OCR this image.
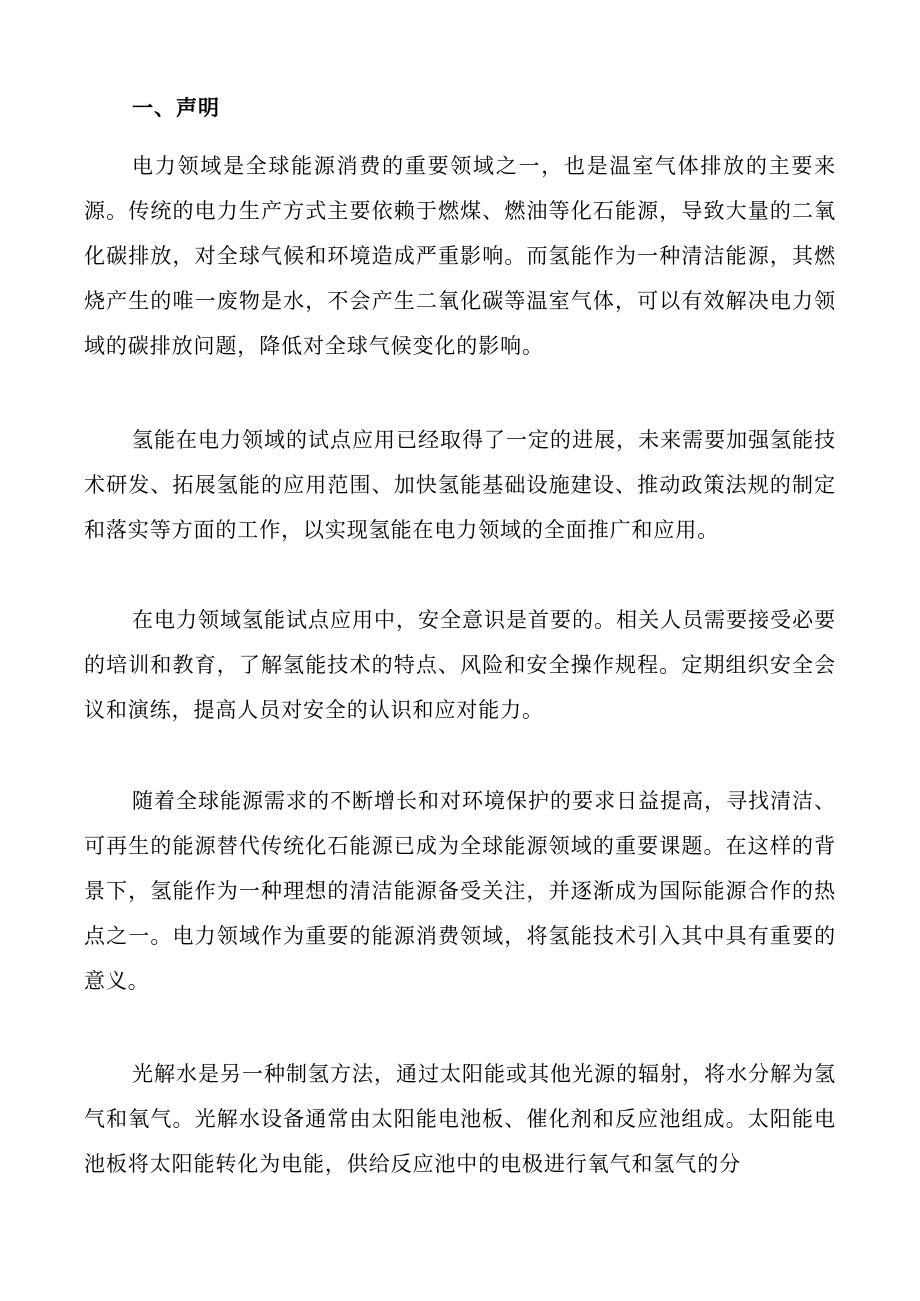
一、声明

电力领域是全球能源消费的重要领域之一，也是温室气体排放的主要来源。传统的电力生产方式主要依赖于燃煤、燃油等化石能源，导致大量的二氧化碳排放，对全球气候和环境造成严重影响。而氢能作为一种清洁能源，其燃烧产生的唯一废物是水，不会产生二氧化碳等温室气体，可以有效解决电力领域的碳排放问题，降低对全球气候变化的影响。

氢能在电力领域的试点应用已经取得了一定的进展，未来需要加强氢能技术研发、拓展氢能的应用范围、加快氢能基础设施建设、推动政策法规的制定和落实等方面的工作，以实现氢能在电力领域的全面推广和应用。

在电力领域氢能试点应用中，安全意识是首要的。相关人员需要接受必要的培训和教育，了解氢能技术的特点、风险和安全操作规程。定期组织安全会议和演练，提高人员对安全的认识和应对能力。

随着全球能源需求的不断增长和对环境保护的要求日益提高，寻找清洁、可再生的能源替代传统化石能源已成为全球能源领域的重要课题。在这样的背景下，氢能作为一种理想的清洁能源备受关注，并逐渐成为国际能源合作的热点之一。电力领域作为重要的能源消费领域，将氢能技术引入其中具有重要的意义。

光解水是另一种制氢方法，通过太阳能或其他光源的辐射，将水分解为氢气和氧气。光解水设备通常由太阳能电池板、催化剂和反应池组成。太阳能电池板将太阳能转化为电能，供给反应池中的电极进行氧气和氢气的分
